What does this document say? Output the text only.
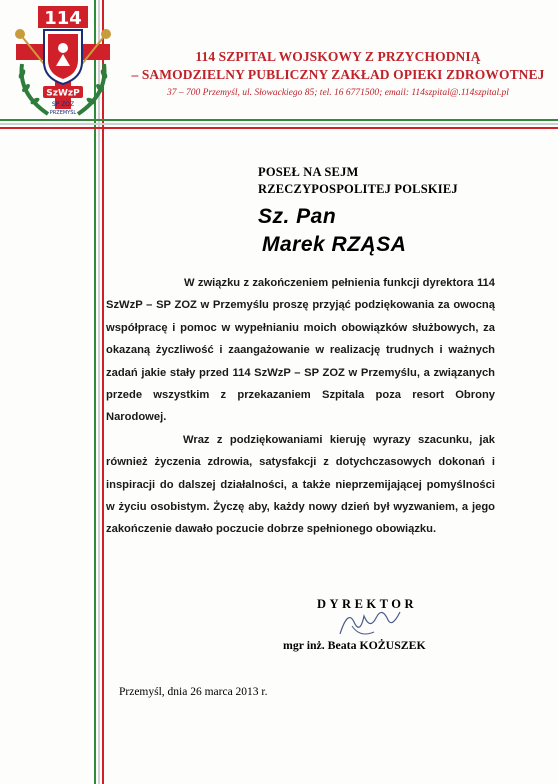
114
SzWzP
SP ZOZ
PRZEMYŚL
114 SZPITAL WOJSKOWY Z PRZYCHODNIĄ
– SAMODZIELNY PUBLICZNY ZAKŁAD OPIEKI ZDROWOTNEJ
37 – 700 Przemyśl, ul. Słowackiego 85; tel. 16 6771500; email: 114szpital@.114szpital.pl
POSEŁ NA SEJM
RZECZYPOSPOLITEJ POLSKIEJ
Sz. Pan
Marek RZĄSA

W związku z zakończeniem pełnienia funkcji dyrektora 114 SzWzP – SP ZOZ w Przemyślu proszę przyjąć podziękowania za owocną współpracę i pomoc w wypełnianiu moich obowiązków służbowych, za okazaną życzliwość i zaangażowanie w realizację trudnych i ważnych zadań jakie stały przed 114 SzWzP – SP ZOZ w Przemyślu, a związanych przede wszystkim z przekazaniem Szpitala poza resort Obrony Narodowej.

Wraz z podziękowaniami kieruję wyrazy szacunku, jak również życzenia zdrowia, satysfakcji z dotychczasowych dokonań i inspiracji do dalszej działalności, a także nieprzemijającej pomyślności w życiu osobistym. Życzę aby, każdy nowy dzień był wyzwaniem, a jego zakończenie dawało poczucie dobrze spełnionego obowiązku.

DYREKTOR
mgr inż. Beata KOŻUSZEK
Przemyśl, dnia 26 marca 2013 r.
